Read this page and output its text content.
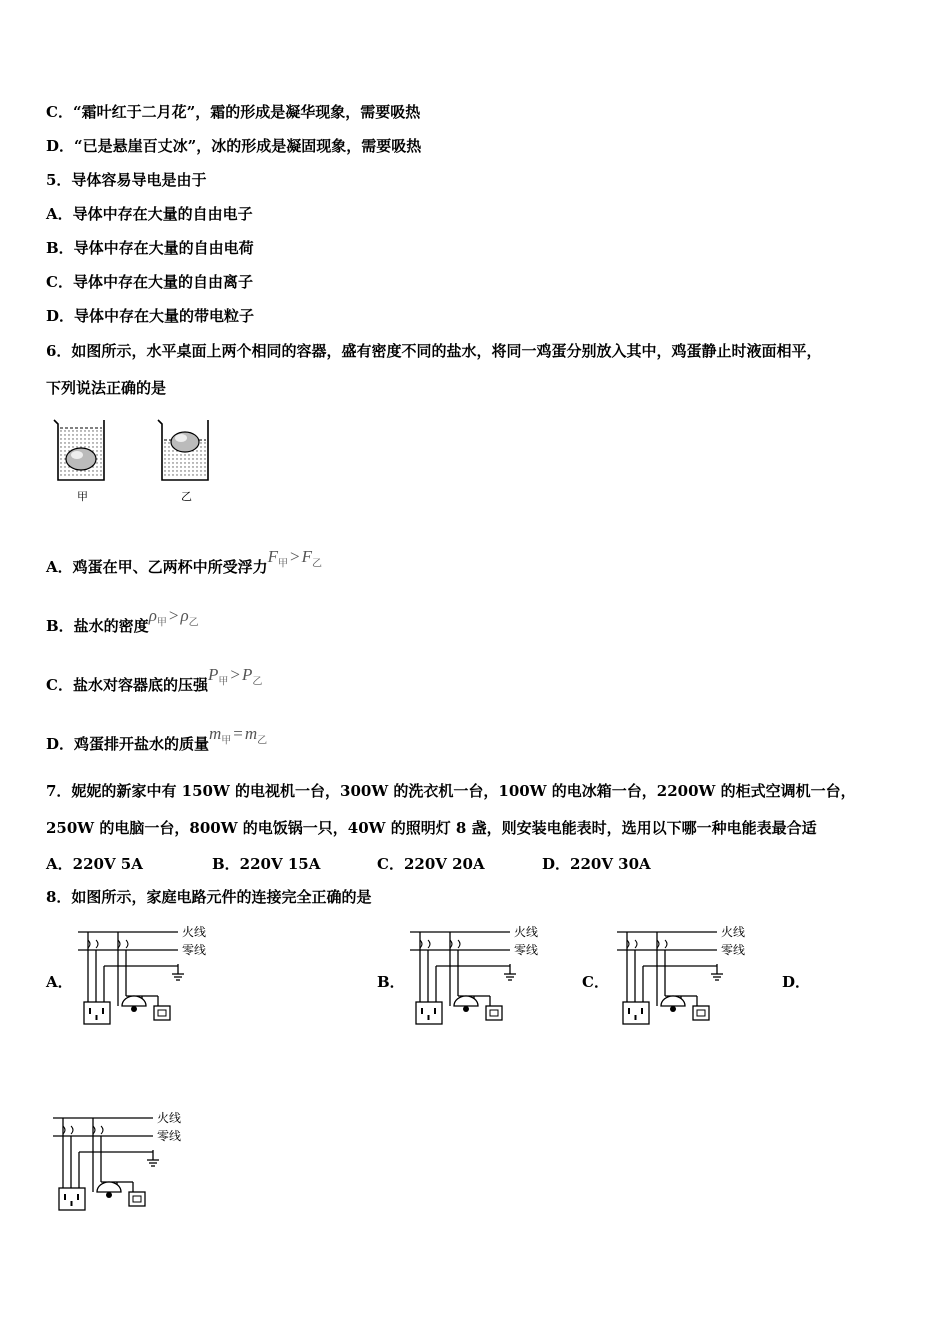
C．“霜叶红于二月花”，霜的形成是凝华现象，需要吸热
D．“已是悬崖百丈冰”，冰的形成是凝固现象，需要吸热
5．导体容易导电是由于
A．导体中存在大量的自由电子
B．导体中存在大量的自由电荷
C．导体中存在大量的自由离子
D．导体中存在大量的带电粒子
6．如图所示，水平桌面上两个相同的容器，盛有密度不同的盐水，将同一鸡蛋分别放入其中，鸡蛋静止时液面相平，
下列说法正确的是
甲	乙
A．鸡蛋在甲、乙两杯中所受浮力$F_甲 > F_乙$
B．盐水的密度$\rho_甲 > \rho_乙$
C．盐水对容器底的压强$P_甲 > P_乙$
D．鸡蛋排开盐水的质量$m_甲 = m_乙$
7．妮妮的新家中有 150W 的电视机一台，300W 的洗衣机一台，100W 的电冰箱一台，2200W 的柜式空调机一台，
250W 的电脑一台，800W 的电饭锅一只，40W 的照明灯 8 盏，则安装电能表时，选用以下哪一种电能表最合适
A．220V 5A	B．220V 15A	C．220V 20A	D．220V 30A
8．如图所示，家庭电路元件的连接完全正确的是
A．	B．	C．	D．
火线
零线
火线
零线
火线
零线
火线
零线
